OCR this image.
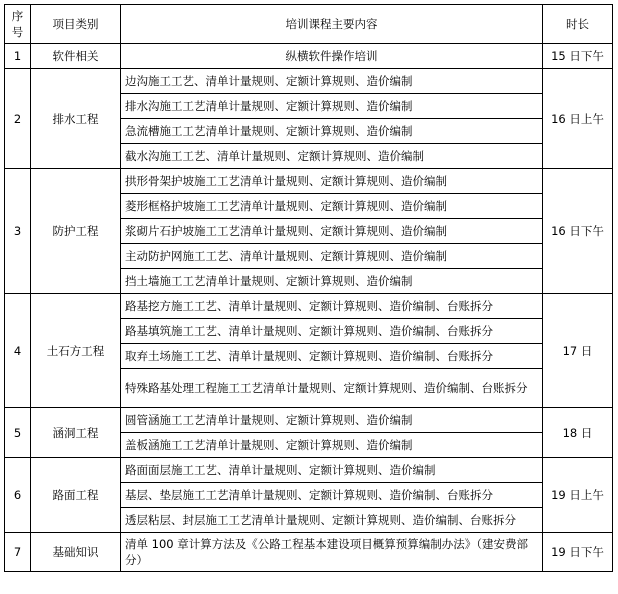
序号	项目类别	培训课程主要内容	时长
1	软件相关	纵横软件操作培训	15 日下午
2	排水工程	边沟施工工艺、清单计量规则、定额计算规则、造价编制	16 日上午
		排水沟施工工艺清单计量规则、定额计算规则、造价编制	
		急流槽施工工艺清单计量规则、定额计算规则、造价编制	
		截水沟施工工艺、清单计量规则、定额计算规则、造价编制	
3	防护工程	拱形骨架护坡施工工艺清单计量规则、定额计算规则、造价编制	16 日下午
		菱形框格护坡施工工艺清单计量规则、定额计算规则、造价编制	
		浆砌片石护坡施工工艺清单计量规则、定额计算规则、造价编制	
		主动防护网施工工艺、清单计量规则、定额计算规则、造价编制	
		挡土墙施工工艺清单计量规则、定额计算规则、造价编制	
4	土石方工程	路基挖方施工工艺、清单计量规则、定额计算规则、造价编制、台账拆分	17 日
		路基填筑施工工艺、清单计量规则、定额计算规则、造价编制、台账拆分	
		取弃土场施工工艺、清单计量规则、定额计算规则、造价编制、台账拆分	
		特殊路基处理工程施工工艺清单计量规则、定额计算规则、造价编制、台账拆分	
5	涵洞工程	圆管涵施工工艺清单计量规则、定额计算规则、造价编制	18 日
		盖板涵施工工艺清单计量规则、定额计算规则、造价编制	
6	路面工程	路面面层施工工艺、清单计量规则、定额计算规则、造价编制	19 日上午
		基层、垫层施工工艺清单计量规则、定额计算规则、造价编制、台账拆分	
		透层粘层、封层施工工艺清单计量规则、定额计算规则、造价编制、台账拆分	
7	基础知识	清单 100 章计算方法及《公路工程基本建设项目概算预算编制办法》（建安费部分）	19 日下午
